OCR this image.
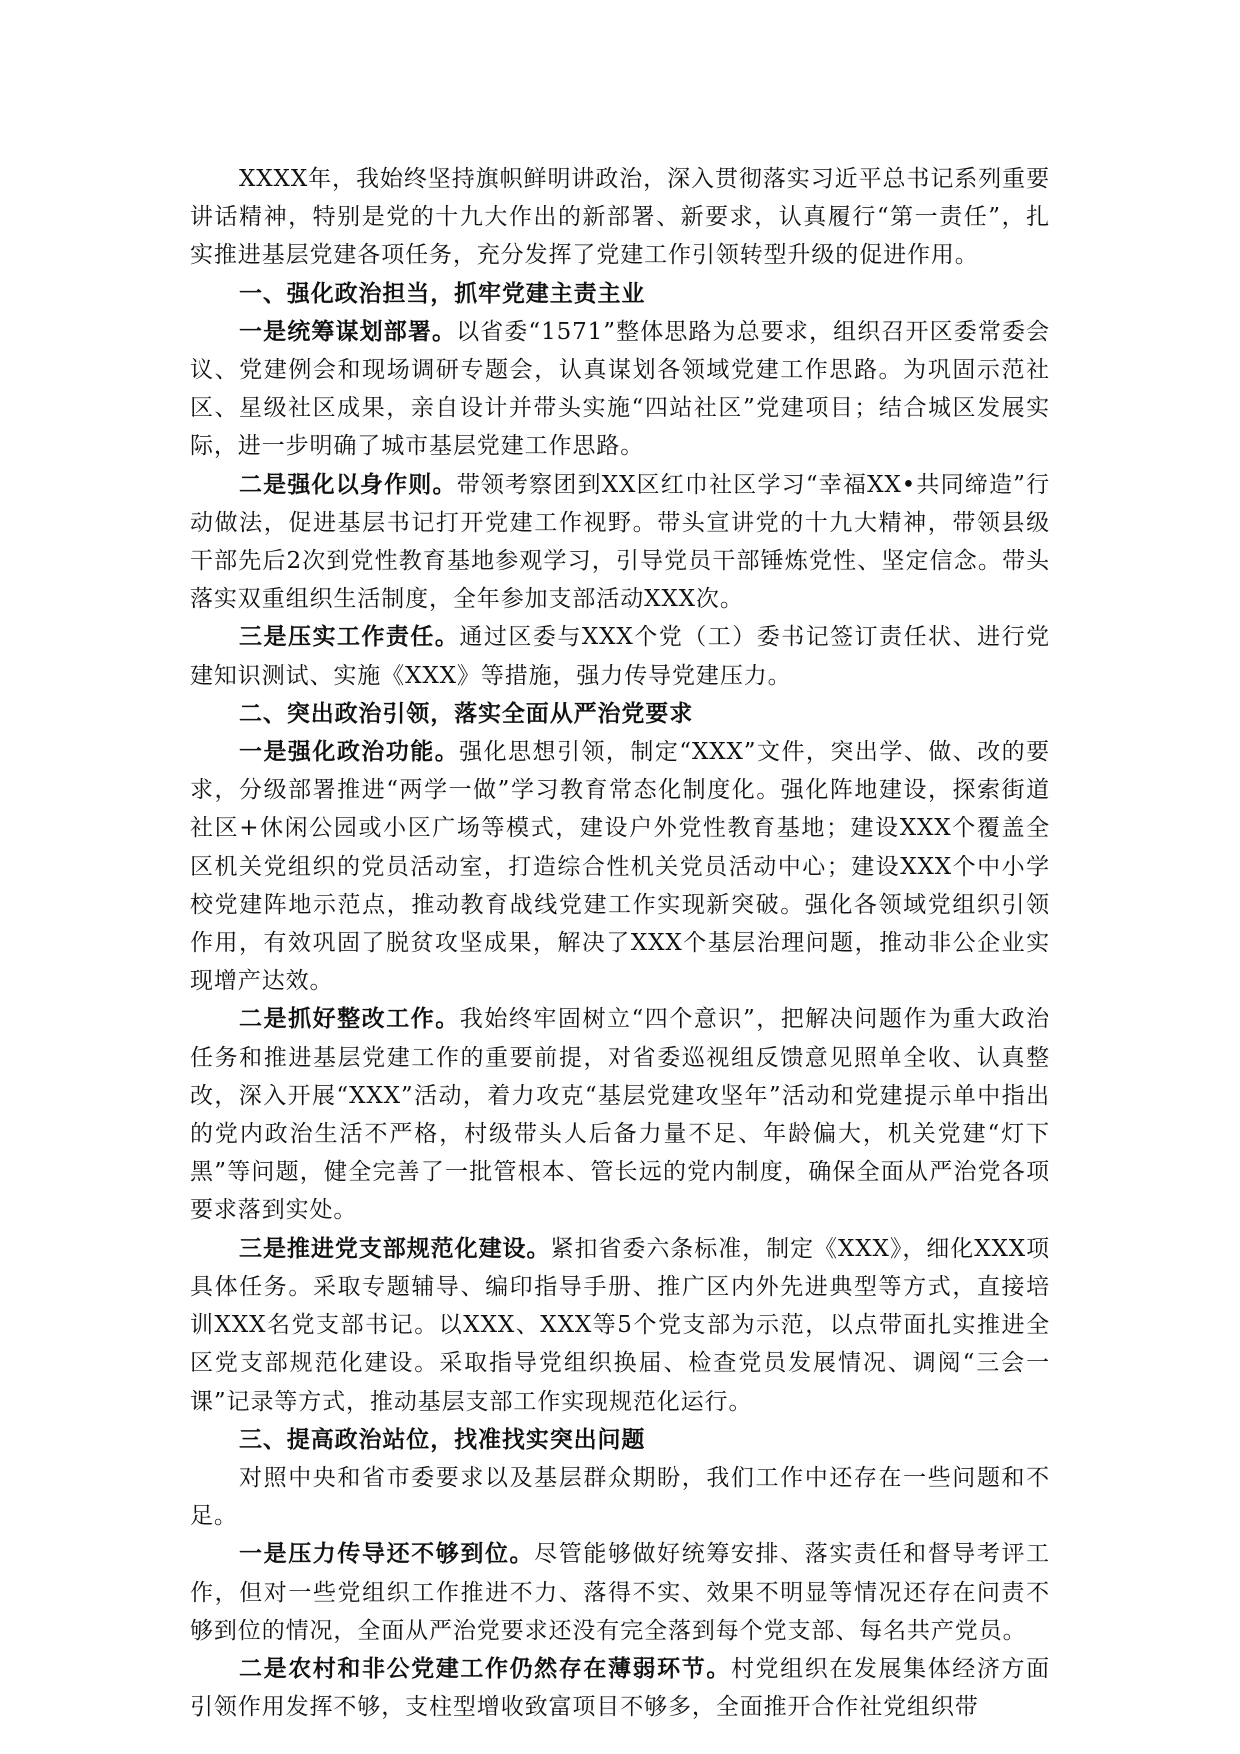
XXXX年，我始终坚持旗帜鲜明讲政治，深入贯彻落实习近平总书记系列重要讲话精神，特别是党的十九大作出的新部署、新要求，认真履行“第一责任”，扎实推进基层党建各项任务，充分发挥了党建工作引领转型升级的促进作用。

一、强化政治担当，抓牢党建主责主业

一是统筹谋划部署。以省委“1571”整体思路为总要求，组织召开区委常委会议、党建例会和现场调研专题会，认真谋划各领域党建工作思路。为巩固示范社区、星级社区成果，亲自设计并带头实施“四站社区”党建项目；结合城区发展实际，进一步明确了城市基层党建工作思路。

二是强化以身作则。带领考察团到XX区红巾社区学习“幸福XX•共同缔造”行动做法，促进基层书记打开党建工作视野。带头宣讲党的十九大精神，带领县级干部先后2次到党性教育基地参观学习，引导党员干部锤炼党性、坚定信念。带头落实双重组织生活制度，全年参加支部活动XXX次。

三是压实工作责任。通过区委与XXX个党（工）委书记签订责任状、进行党建知识测试、实施《XXX》等措施，强力传导党建压力。

二、突出政治引领，落实全面从严治党要求

一是强化政治功能。强化思想引领，制定“XXX”文件，突出学、做、改的要求，分级部署推进“两学一做”学习教育常态化制度化。强化阵地建设，探索街道社区+休闲公园或小区广场等模式，建设户外党性教育基地；建设XXX个覆盖全区机关党组织的党员活动室，打造综合性机关党员活动中心；建设XXX个中小学校党建阵地示范点，推动教育战线党建工作实现新突破。强化各领域党组织引领作用，有效巩固了脱贫攻坚成果，解决了XXX个基层治理问题，推动非公企业实现增产达效。

二是抓好整改工作。我始终牢固树立“四个意识”，把解决问题作为重大政治任务和推进基层党建工作的重要前提，对省委巡视组反馈意见照单全收、认真整改，深入开展“XXX”活动，着力攻克“基层党建攻坚年”活动和党建提示单中指出的党内政治生活不严格，村级带头人后备力量不足、年龄偏大，机关党建“灯下黑”等问题，健全完善了一批管根本、管长远的党内制度，确保全面从严治党各项要求落到实处。

三是推进党支部规范化建设。紧扣省委六条标准，制定《XXX》，细化XXX项具体任务。采取专题辅导、编印指导手册、推广区内外先进典型等方式，直接培训XXX名党支部书记。以XXX、XXX等5个党支部为示范，以点带面扎实推进全区党支部规范化建设。采取指导党组织换届、检查党员发展情况、调阅“三会一课”记录等方式，推动基层支部工作实现规范化运行。

三、提高政治站位，找准找实突出问题

对照中央和省市委要求以及基层群众期盼，我们工作中还存在一些问题和不足。

一是压力传导还不够到位。尽管能够做好统筹安排、落实责任和督导考评工作，但对一些党组织工作推进不力、落得不实、效果不明显等情况还存在问责不够到位的情况，全面从严治党要求还没有完全落到每个党支部、每名共产党员。

二是农村和非公党建工作仍然存在薄弱环节。村党组织在发展集体经济方面引领作用发挥不够，支柱型增收致富项目不够多，全面推开合作社党组织带
